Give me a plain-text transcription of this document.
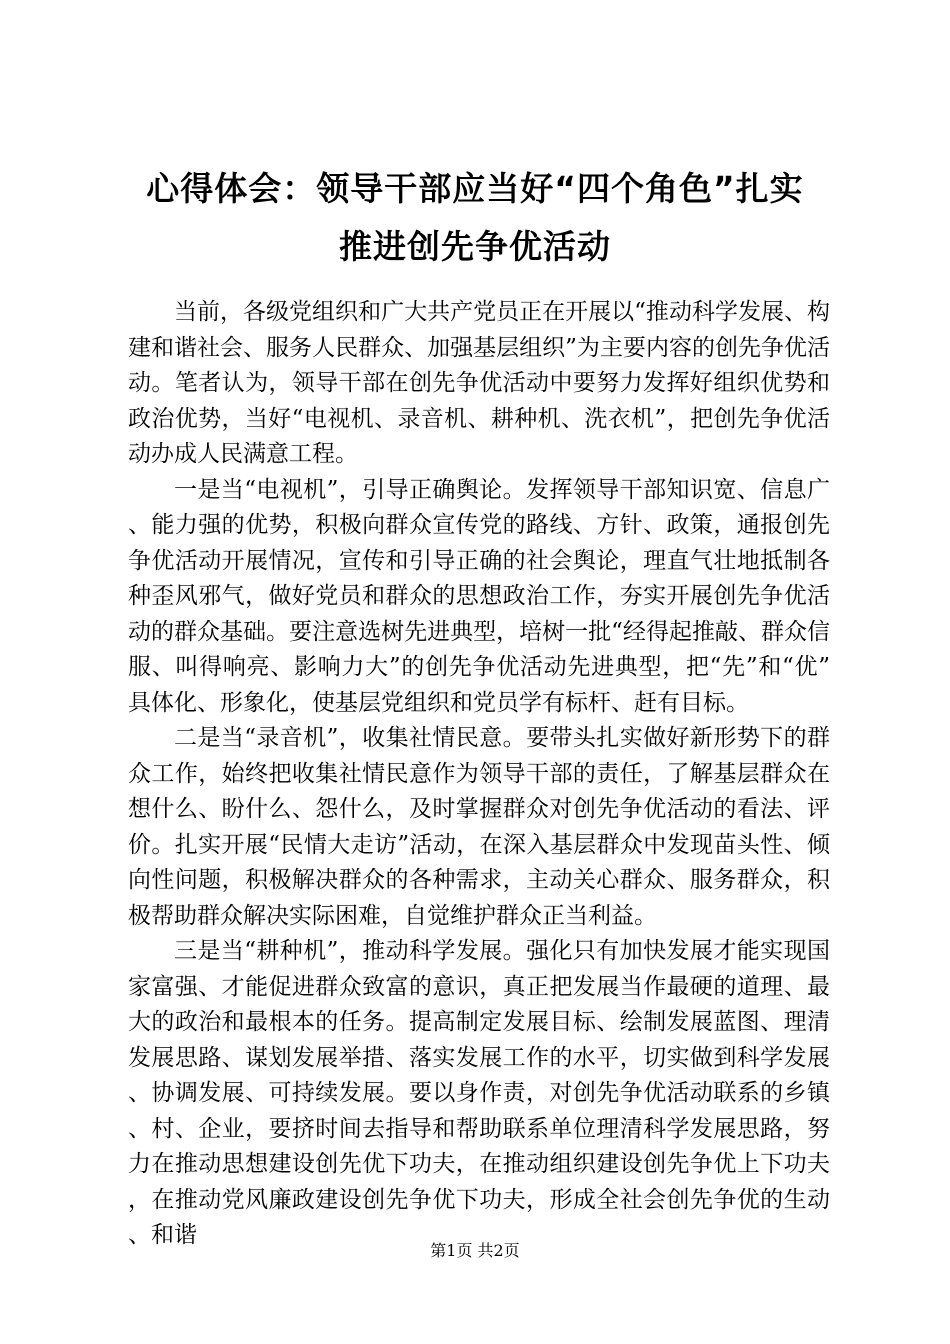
心得体会：领导干部应当好“四个角色”扎实
推进创先争优活动

当前，各级党组织和广大共产党员正在开展以“推动科学发展、构建和谐社会、服务人民群众、加强基层组织”为主要内容的创先争优活动。笔者认为，领导干部在创先争优活动中要努力发挥好组织优势和政治优势，当好“电视机、录音机、耕种机、洗衣机”，把创先争优活动办成人民满意工程。

一是当“电视机”，引导正确舆论。发挥领导干部知识宽、信息广、能力强的优势，积极向群众宣传党的路线、方针、政策，通报创先争优活动开展情况，宣传和引导正确的社会舆论，理直气壮地抵制各种歪风邪气，做好党员和群众的思想政治工作，夯实开展创先争优活动的群众基础。要注意选树先进典型，培树一批“经得起推敲、群众信服、叫得响亮、影响力大”的创先争优活动先进典型，把“先”和“优”具体化、形象化，使基层党组织和党员学有标杆、赶有目标。

二是当“录音机”，收集社情民意。要带头扎实做好新形势下的群众工作，始终把收集社情民意作为领导干部的责任，了解基层群众在想什么、盼什么、怨什么，及时掌握群众对创先争优活动的看法、评价。扎实开展“民情大走访”活动，在深入基层群众中发现苗头性、倾向性问题，积极解决群众的各种需求，主动关心群众、服务群众，积极帮助群众解决实际困难，自觉维护群众正当利益。

三是当“耕种机”，推动科学发展。强化只有加快发展才能实现国家富强、才能促进群众致富的意识，真正把发展当作最硬的道理、最大的政治和最根本的任务。提高制定发展目标、绘制发展蓝图、理清发展思路、谋划发展举措、落实发展工作的水平，切实做到科学发展、协调发展、可持续发展。要以身作责，对创先争优活动联系的乡镇、村、企业，要挤时间去指导和帮助联系单位理清科学发展思路，努力在推动思想建设创先优下功夫，在推动组织建设创先争优上下功夫，在推动党风廉政建设创先争优下功夫，形成全社会创先争优的生动、和谐

第1页 共2页
